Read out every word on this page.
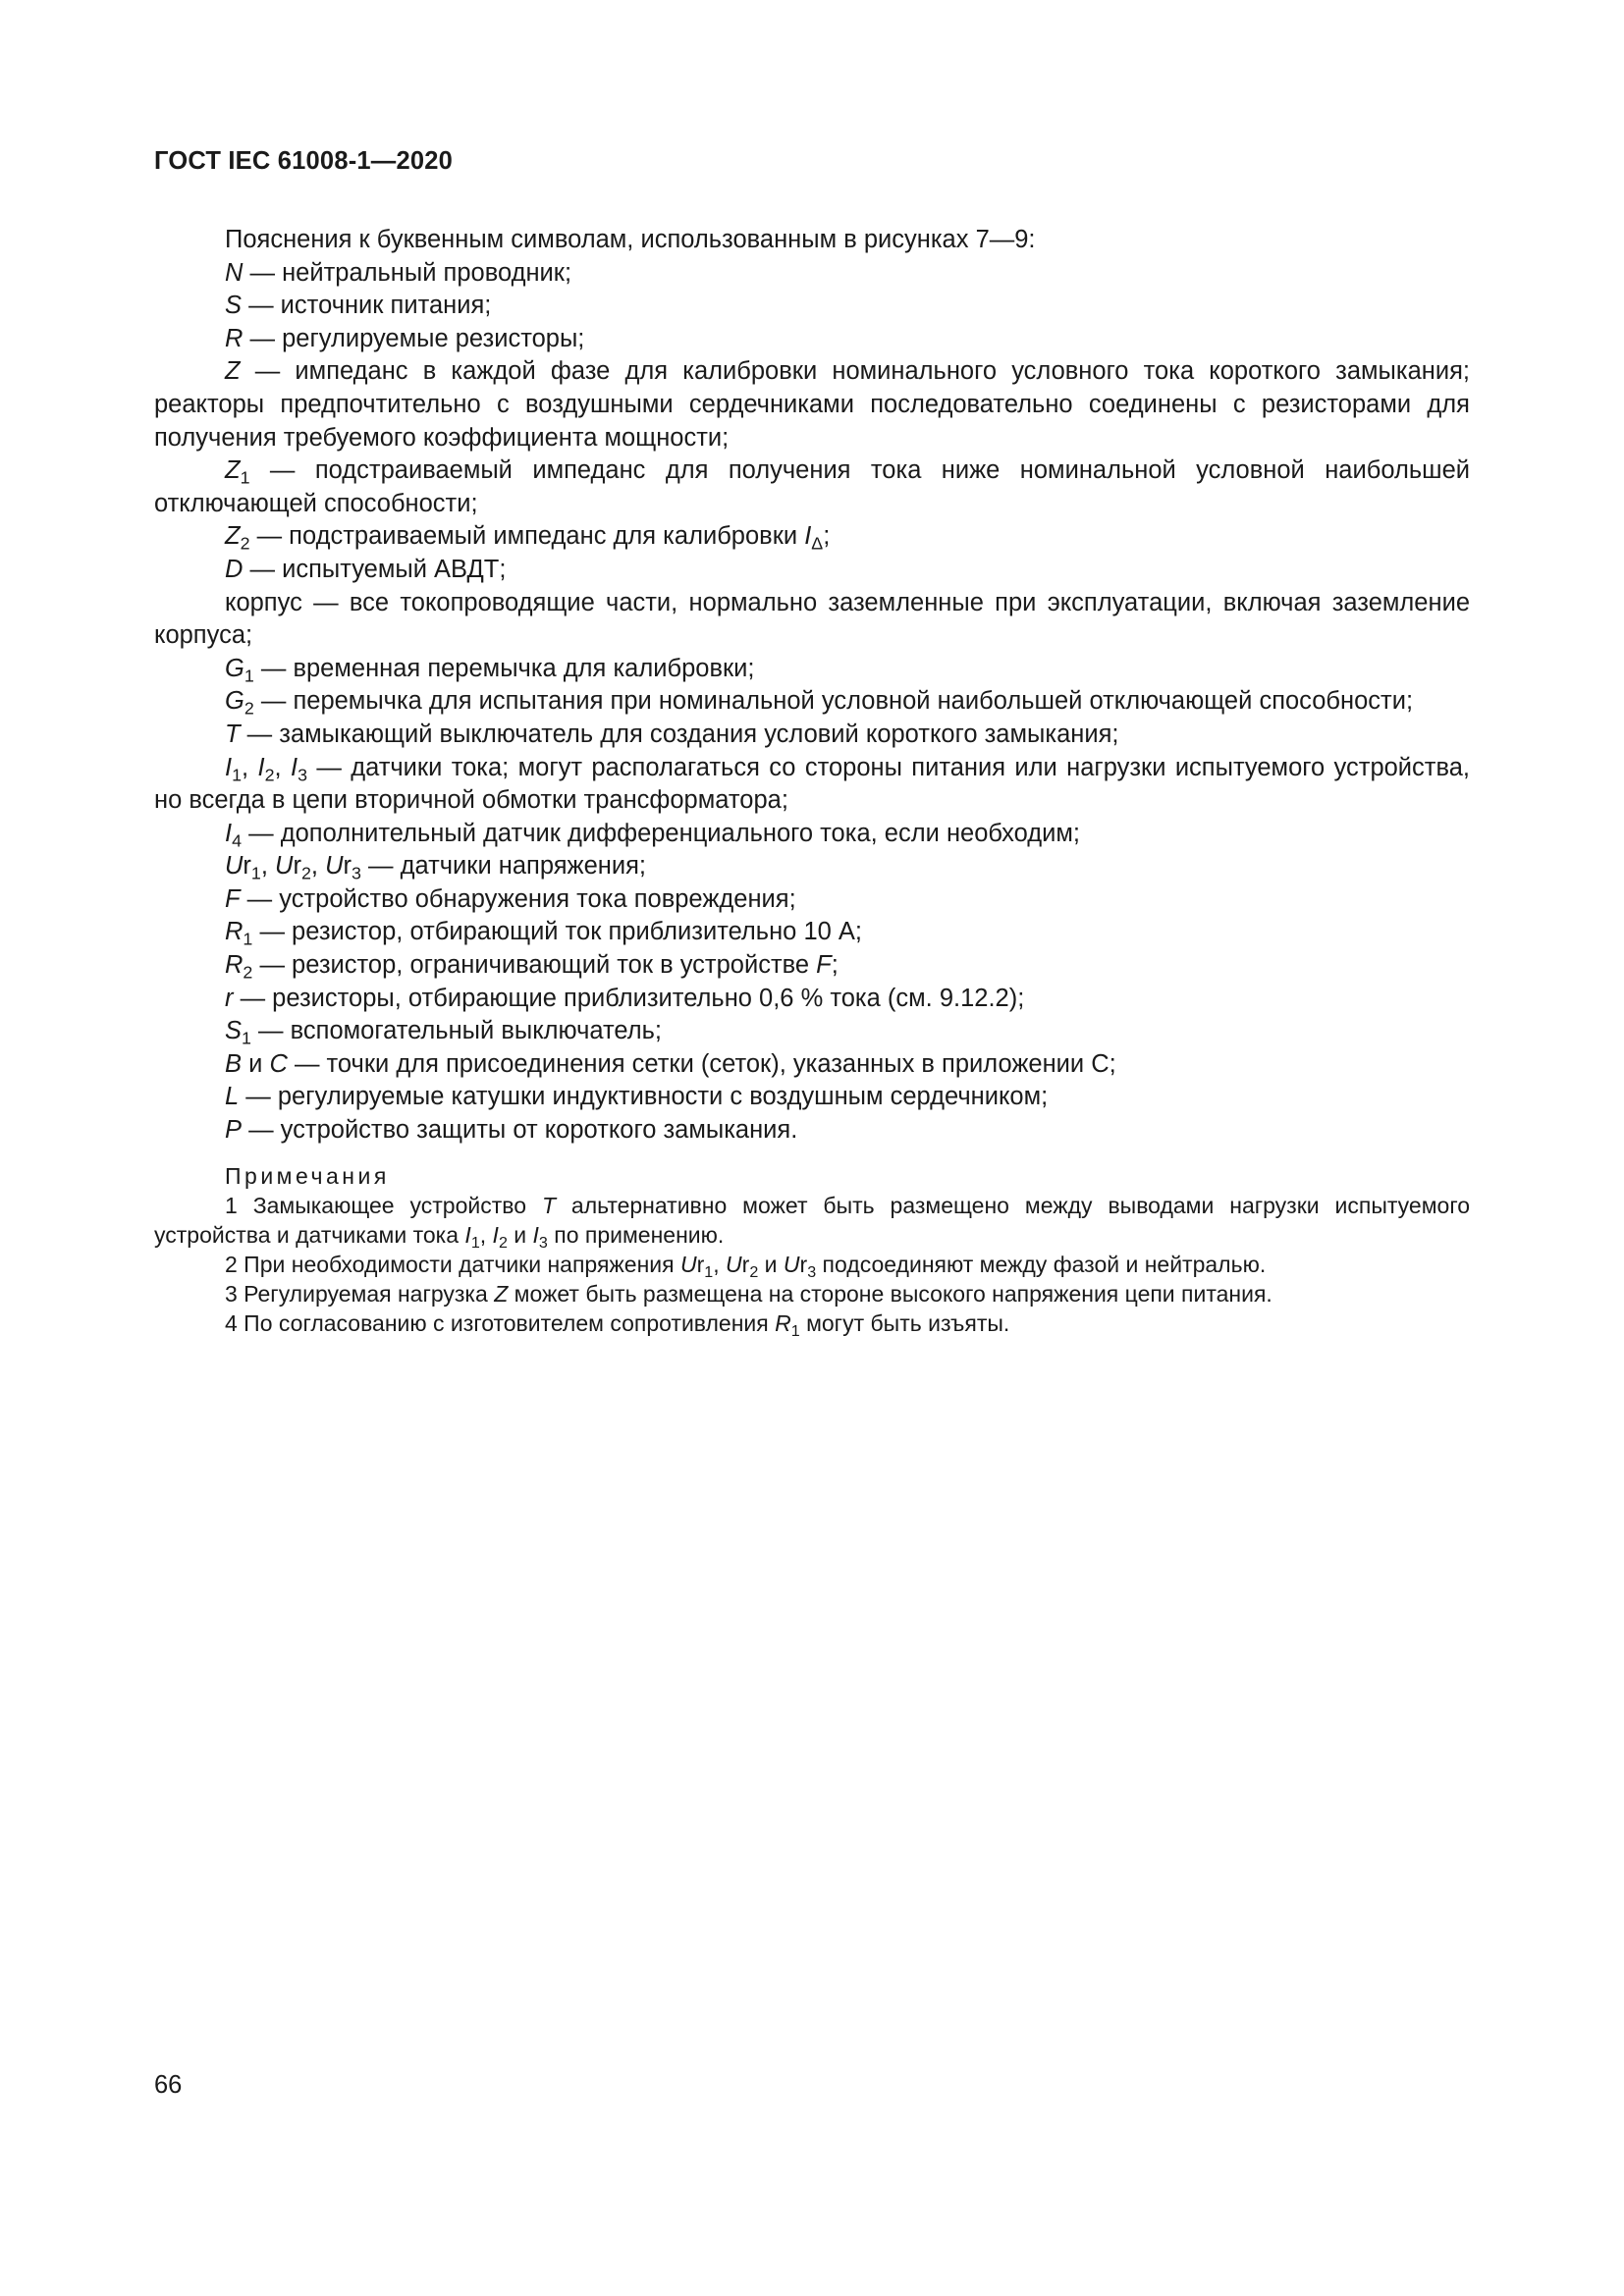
ГОСТ IEC 61008-1—2020

Пояснения к буквенным символам, использованным в рисунках 7—9:

N — нейтральный проводник;

S — источник питания;

R — регулируемые резисторы;

Z — импеданс в каждой фазе для калибровки номинального условного тока короткого замыкания; реакторы предпочтительно с воздушными сердечниками последовательно соединены с резисторами для получения требуемого коэффициента мощности;

$Z_1$ — подстраиваемый импеданс для получения тока ниже номинальной условной наибольшей отключающей способности;

$Z_2$ — подстраиваемый импеданс для калибровки $I_\Delta$;

D — испытуемый АВДТ;

корпус — все токопроводящие части, нормально заземленные при эксплуатации, включая заземление корпуса;

$G_1$ — временная перемычка для калибровки;

$G_2$ — перемычка для испытания при номинальной условной наибольшей отключающей способности;

T — замыкающий выключатель для создания условий короткого замыкания;

$I_1$, $I_2$, $I_3$ — датчики тока; могут располагаться со стороны питания или нагрузки испытуемого устройства, но всегда в цепи вторичной обмотки трансформатора;

$I_4$ — дополнительный датчик дифференциального тока, если необходим;

$Ur_1$, $Ur_2$, $Ur_3$ — датчики напряжения;

F — устройство обнаружения тока повреждения;

$R_1$ — резистор, отбирающий ток приблизительно 10 А;

$R_2$ — резистор, ограничивающий ток в устройстве F;

r — резисторы, отбирающие приблизительно 0,6 % тока (см. 9.12.2);

$S_1$ — вспомогательный выключатель;

B и C — точки для присоединения сетки (сеток), указанных в приложении С;

L — регулируемые катушки индуктивности с воздушным сердечником;

P — устройство защиты от короткого замыкания.

Примечания

1 Замыкающее устройство T альтернативно может быть размещено между выводами нагрузки испытуемого устройства и датчиками тока $I_1$, $I_2$ и $I_3$ по применению.

2 При необходимости датчики напряжения $Ur_1$, $Ur_2$ и $Ur_3$ подсоединяют между фазой и нейтралью.

3 Регулируемая нагрузка Z может быть размещена на стороне высокого напряжения цепи питания.

4 По согласованию с изготовителем сопротивления $R_1$ могут быть изъяты.

66
